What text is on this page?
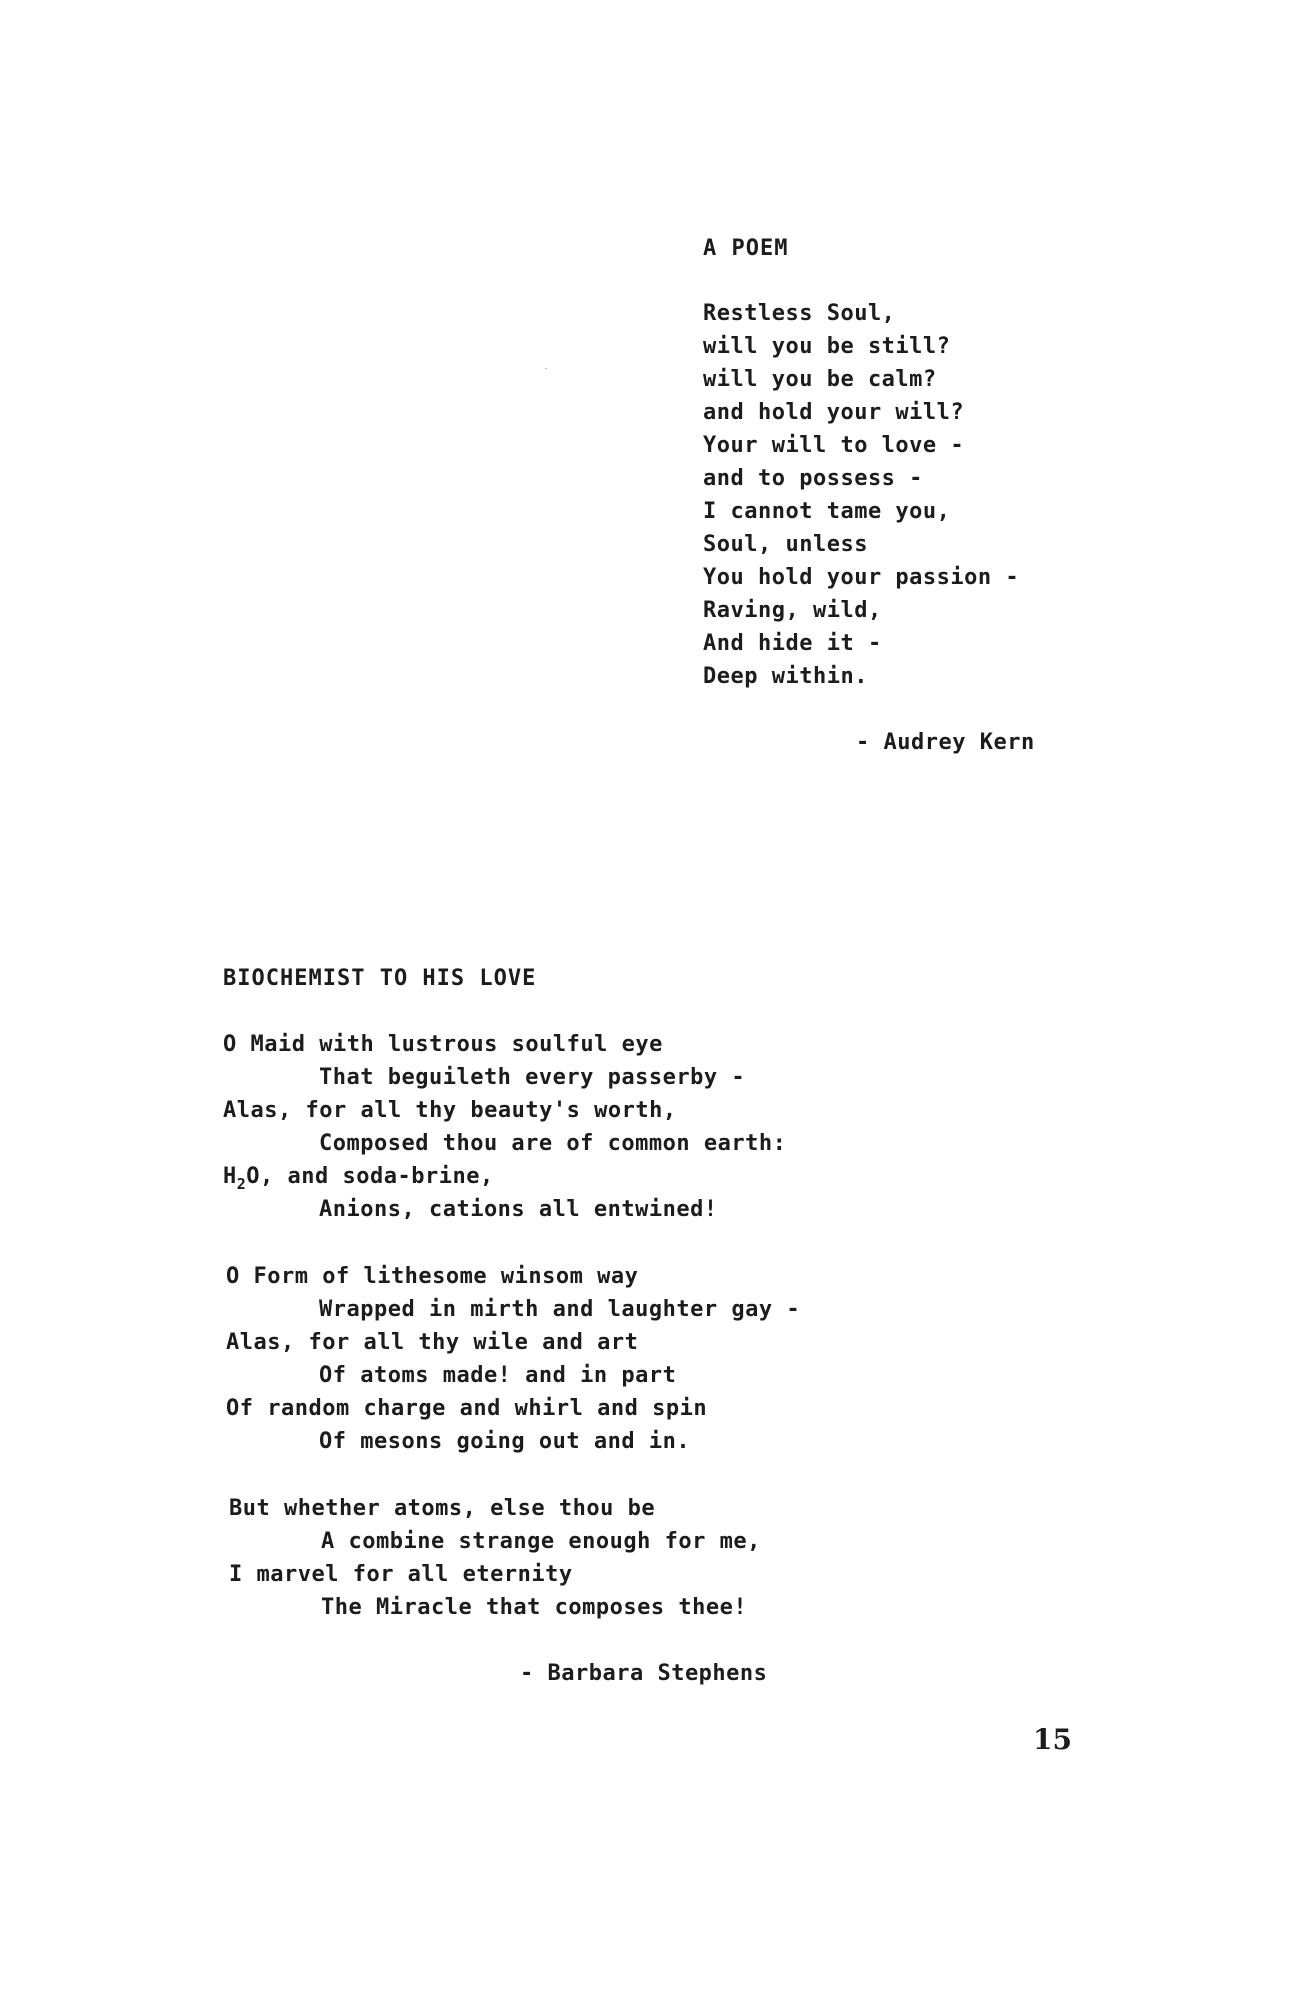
A POEM
Restless Soul,
will you be still?
will you be calm?
and hold your will?
Your will to love -
and to possess -
I cannot tame you,
Soul, unless
You hold your passion -
Raving, wild,
And hide it -
Deep within.
- Audrey Kern
BIOCHEMIST TO HIS LOVE
O Maid with lustrous soulful eye
That beguileth every passerby -
Alas, for all thy beauty's worth,
Composed thou are of common earth:
$H_2O$, and soda-brine,
Anions, cations all entwined!
O Form of lithesome winsom way
Wrapped in mirth and laughter gay -
Alas, for all thy wile and art
Of atoms made! and in part
Of random charge and whirl and spin
Of mesons going out and in.
But whether atoms, else thou be
A combine strange enough for me,
I marvel for all eternity
The Miracle that composes thee!
- Barbara Stephens
15
